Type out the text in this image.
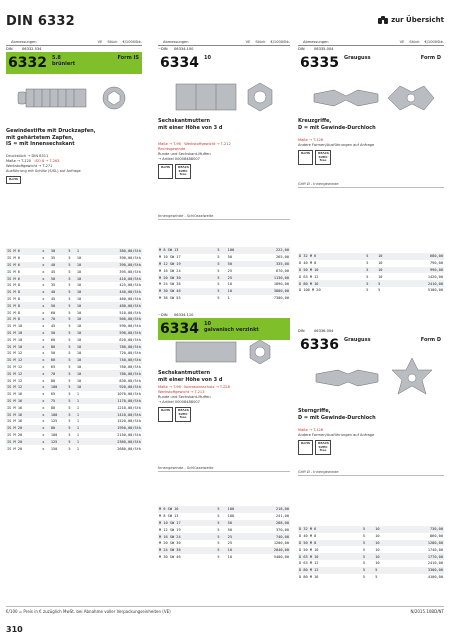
DIN 6332	zur Übersicht
Abmessungen	VE Stück €/1000Stk.
DIN	06332.534
6332	5.8
brüniert
Form IS
Gewindestifte mit Druckzapfen,
mit gehärtetem Zapfen,
IS = mit Innensechskant
Druckstück → DIN 6311
Maße → T-120 ISO 8 → T-263
Werkstoffgewicht → T-271
Ausführung mit Schlitz (S/SL) auf Anfrage
RoHS
IS M 6	x	30	5	1	380,00/Stk
IS M 6	x	35	5	10	390,00/Stk
IS M 6	x	40	5	10	390,00/Stk
IS M 6	x	45	5	10	395,00/Stk
IS M 6	x	50	5	10	410,00/Stk
IS M 8	x	35	5	10	425,00/Stk
IS M 8	x	40	5	10	440,00/Stk
IS M 8	x	45	5	10	460,00/Stk
IS M 8	x	50	5	10	480,00/Stk
IS M 8	x	60	5	10	510,00/Stk
IS M 8	x	70	5	10	560,00/Stk
IS M 10	x	45	5	10	590,00/Stk
IS M 10	x	50	5	10	590,00/Stk
IS M 10	x	60	5	10	620,00/Stk
IS M 10	x	80	5	10	780,00/Stk
IS M 12	x	50	5	10	720,00/Stk
IS M 12	x	60	5	10	740,00/Stk
IS M 12	x	65	5	10	760,00/Stk
IS M 12	x	70	5	10	780,00/Stk
IS M 12	x	80	5	10	830,00/Stk
IS M 12	x	100	5	10	920,00/Stk
IS M 16	x	65	5	1	1070,00/Stk
IS M 16	x	75	5	1	1170,00/Stk
IS M 16	x	80	5	1	1210,00/Stk
IS M 16	x	100	5	1	1410,00/Stk
IS M 16	x	125	5	1	1520,00/Stk
IS M 20	x	80	5	1	1950,00/Stk
IS M 20	x	100	5	1	2150,00/Stk
IS M 20	x	125	5	1	2360,00/Stk
IS M 20	x	150	5	1	2680,00/Stk
Abmessungen	VE Stück €/1000Stk.
~DIN	06334.100
6334	10
Sechskantmuttern
mit einer Höhe von 3 d
Maße → T-96 Werkstoffgewicht → T-212
Rechtsgewinde
Runde und Sechskant-Muffen
→ Artikel 00008488007
RoHS	REACh SVHC free
Innengewinde - Schlüsselweite
M 8 SW 13	5	100	222,00
M 10 SW 17	5	50	265,00
M 12 SW 19	5	50	335,00
M 16 SW 24	5	25	670,00
M 20 SW 30	5	25	1130,00
M 24 SW 36	5	10	1890,00
M 30 SW 46	5	10	3800,00
M 36 SW 55	5	1	7300,00
~DIN	06334.110
6334	10
galvanisch verzinkt
Sechskantmuttern
mit einer Höhe von 3 d
Maße → T-96 Korrosionsschutz → T-228
Werkstoffgewicht → T-213
Runde und Sechskant-Muffen
→ Artikel 00008488007
RoHS	REACh SVHC free
Innengewinde - Schlüsselweite
M 6 SW 10	5	100	218,00
M 8 SW 13	5	100	241,00
M 10 SW 17	5	50	288,00
M 12 SW 19	5	50	370,00
M 16 SW 24	5	25	740,00
M 20 SW 30	5	25	1200,00
M 24 SW 36	5	10	2040,00
M 30 SW 46	5	10	5400,00
Abmessungen	VE Stück €/1000Stk.
DIN	06335.004
6335	Grauguss	Form D
Kreuzgriffe,
D = mit Gewinde-Durchloch
Maße → T-126
Andere Formen/Ausführungen auf Anfrage
RoHS	REACh SVHC free
Griff Ø - Innengewinde
D 32 M 6	5	10	680,00
D 40 M 8	5	10	790,00
D 50 M 10	5	10	990,00
D 63 M 12	5	10	1420,00
D 80 M 16	5	5	2410,00
D 100 M 20	5	5	5100,00
DIN	06336.004
6336	Grauguss	Form D
Sterngriffe,
D = mit Gewinde-Durchloch
Maße → T-126
Andere Formen/Ausführungen auf Anfrage
RoHS	REACh SVHC free
Griff Ø - Innengewinde
D 32 M 6	5	10	730,00
D 40 M 8	5	10	860,00
D 50 M 8	5	10	1280,00
D 50 M 10	5	10	1740,00
D 63 M 10	5	10	1770,00
D 63 M 12	5	10	2410,00
D 80 M 12	5	5	3300,00
D 80 M 16	5	5	4100,00
€/100 = Preis in € zuzüglich MwSt. bei Abnahme voller Verpackungseinheiten (VE)	N/2015.10BD/NT
310
